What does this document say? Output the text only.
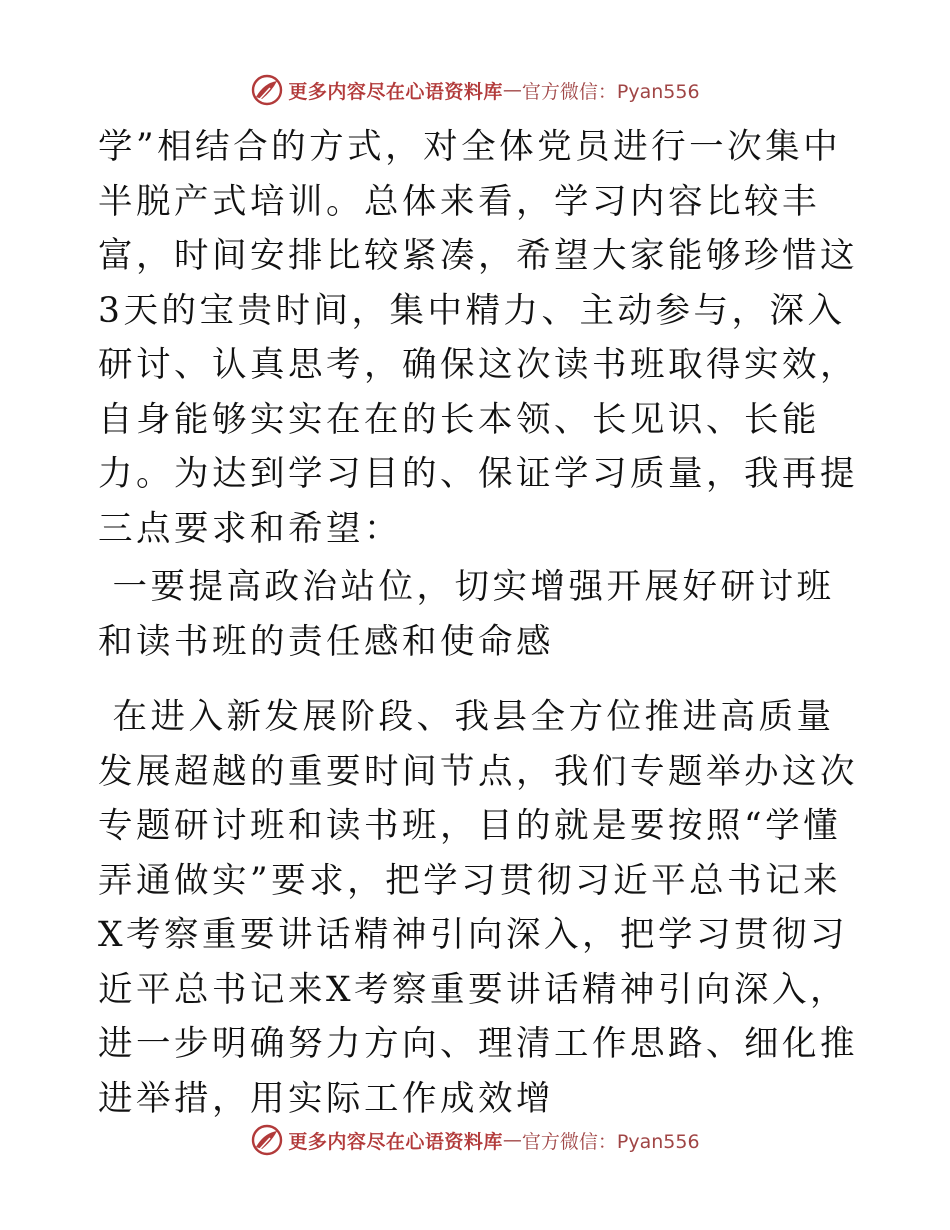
更多内容尽在心语资料库 — 官方微信：Pyan556

学”相结合的方式，对全体党员进行一次集中半脱产式培训。总体来看，学习内容比较丰富，时间安排比较紧凑，希望大家能够珍惜这3天的宝贵时间，集中精力、主动参与，深入研讨、认真思考，确保这次读书班取得实效，自身能够实实在在的长本领、长见识、长能力。为达到学习目的、保证学习质量，我再提三点要求和希望：

一要提高政治站位，切实增强开展好研讨班和读书班的责任感和使命感

在进入新发展阶段、我县全方位推进高质量发展超越的重要时间节点，我们专题举办这次专题研讨班和读书班，目的就是要按照“学懂弄通做实”要求，把学习贯彻习近平总书记来X考察重要讲话精神引向深入，把学习贯彻习近平总书记来X考察重要讲话精神引向深入，进一步明确努力方向、理清工作思路、细化推进举措，用实际工作成效增

更多内容尽在心语资料库 — 官方微信：Pyan556
